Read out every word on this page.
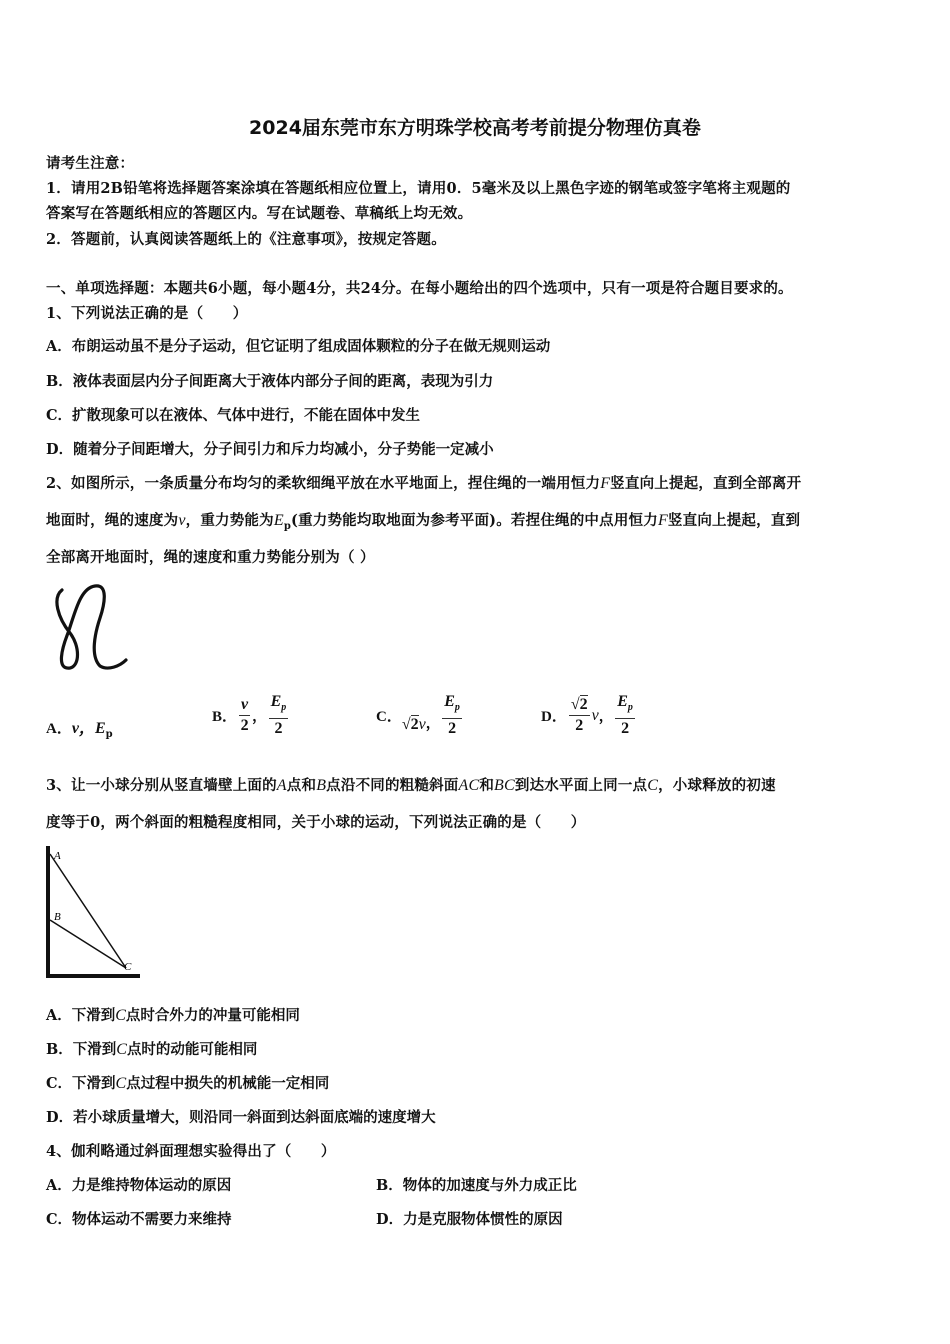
2024届东莞市东方明珠学校高考考前提分物理仿真卷
请考生注意：
1．请用2B铅笔将选择题答案涂填在答题纸相应位置上，请用0．5毫米及以上黑色字迹的钢笔或签字笔将主观题的
答案写在答题纸相应的答题区内。写在试题卷、草稿纸上均无效。
2．答题前，认真阅读答题纸上的《注意事项》，按规定答题。
一、单项选择题：本题共6小题，每小题4分，共24分。在每小题给出的四个选项中，只有一项是符合题目要求的。
1、下列说法正确的是（　　）
A．布朗运动虽不是分子运动，但它证明了组成固体颗粒的分子在做无规则运动
B．液体表面层内分子间距离大于液体内部分子间的距离，表现为引力
C．扩散现象可以在液体、气体中进行，不能在固体中发生
D．随着分子间距增大，分子间引力和斥力均减小，分子势能一定减小
2、如图所示，一条质量分布均匀的柔软细绳平放在水平地面上，捏住绳的一端用恒力F竖直向上提起，直到全部离开
地面时，绳的速度为v，重力势能为$E_p$(重力势能均取地面为参考平面)。若捏住绳的中点用恒力F竖直向上提起，直到
全部离开地面时，绳的速度和重力势能分别为（ ）
A．v，$E_p$
B． $\frac{v}{2}$ ， $\frac{E_p}{2}$	C． √2v ， $\frac{E_p}{2}$	D． $\frac{√2}{2}$ v ， $\frac{E_p}{2}$
3、让一小球分别从竖直墙壁上面的A点和B点沿不同的粗糙斜面AC和BC到达水平面上同一点C，小球释放的初速
度等于0，两个斜面的粗糙程度相同，关于小球的运动，下列说法正确的是（　　）
A
B
C
A．下滑到C点时合外力的冲量可能相同
B．下滑到C点时的动能可能相同
C．下滑到C点过程中损失的机械能一定相同
D．若小球质量增大，则沿同一斜面到达斜面底端的速度增大
4、伽利略通过斜面理想实验得出了（　　）
A．力是维持物体运动的原因	B．物体的加速度与外力成正比
C．物体运动不需要力来维持	D．力是克服物体惯性的原因
